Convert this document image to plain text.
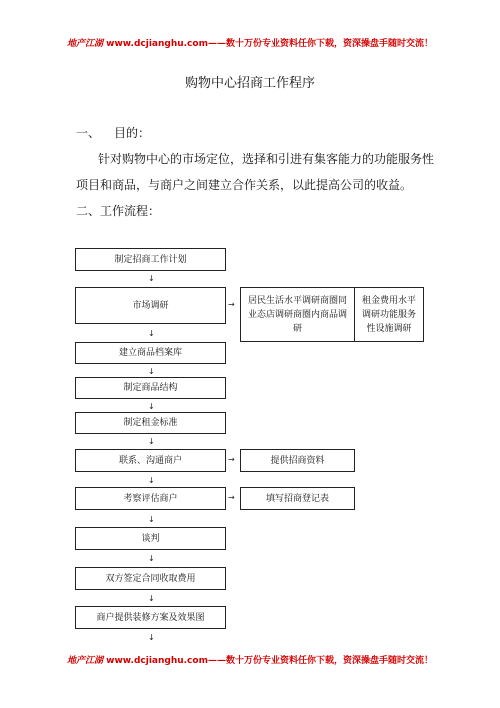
地产江湖 www.dcjianghu.com——数十万份专业资料任你下载，资深操盘手随时交流！
购物中心招商工作程序
一、 目的：
针对购物中心的市场定位，选择和引进有集客能力的功能服务性
项目和商品，与商户之间建立合作关系，以此提高公司的收益。
二、工作流程：
制定招商工作计划
↓
市场调研	→	居民生活水平调研商圈同业态店调研商圈内商品调研
租金费用水平调研功能服务性设施调研
↓
建立商品档案库
↓
制定商品结构
↓
制定租金标准
↓
联系、沟通商户	→	提供招商资料
↓
考察评估商户	→	填写招商登记表
↓
谈判
↓
双方签定合同收取费用
↓
商户提供装修方案及效果图
↓
地产江湖 www.dcjianghu.com——数十万份专业资料任你下载，资深操盘手随时交流！
